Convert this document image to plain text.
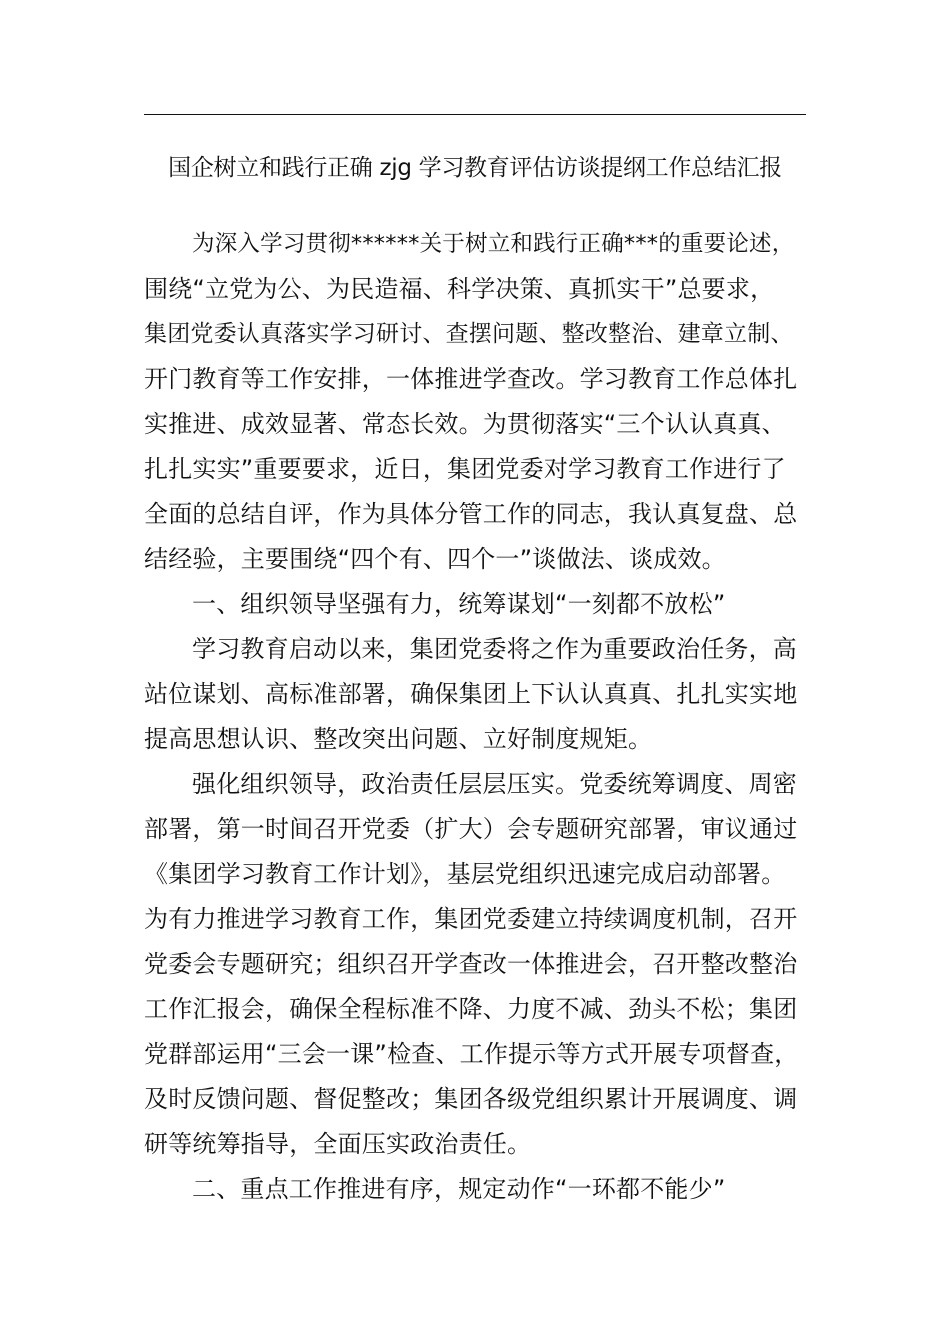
国企树立和践行正确 zjg 学习教育评估访谈提纲工作总结汇报
为深入学习贯彻******关于树立和践行正确***的重要论述，
围绕“立党为公、为民造福、科学决策、真抓实干”总要求，
集团党委认真落实学习研讨、查摆问题、整改整治、建章立制、
开门教育等工作安排，一体推进学查改。学习教育工作总体扎
实推进、成效显著、常态长效。为贯彻落实“三个认认真真、
扎扎实实”重要要求，近日，集团党委对学习教育工作进行了
全面的总结自评，作为具体分管工作的同志，我认真复盘、总
结经验，主要围绕“四个有、四个一”谈做法、谈成效。
一、组织领导坚强有力，统筹谋划“一刻都不放松”
学习教育启动以来，集团党委将之作为重要政治任务，高
站位谋划、高标准部署，确保集团上下认认真真、扎扎实实地
提高思想认识、整改突出问题、立好制度规矩。
强化组织领导，政治责任层层压实。党委统筹调度、周密
部署，第一时间召开党委（扩大）会专题研究部署，审议通过
《集团学习教育工作计划》，基层党组织迅速完成启动部署。
为有力推进学习教育工作，集团党委建立持续调度机制，召开
党委会专题研究；组织召开学查改一体推进会，召开整改整治
工作汇报会，确保全程标准不降、力度不减、劲头不松；集团
党群部运用“三会一课”检查、工作提示等方式开展专项督查，
及时反馈问题、督促整改；集团各级党组织累计开展调度、调
研等统筹指导，全面压实政治责任。
二、重点工作推进有序，规定动作“一环都不能少”
